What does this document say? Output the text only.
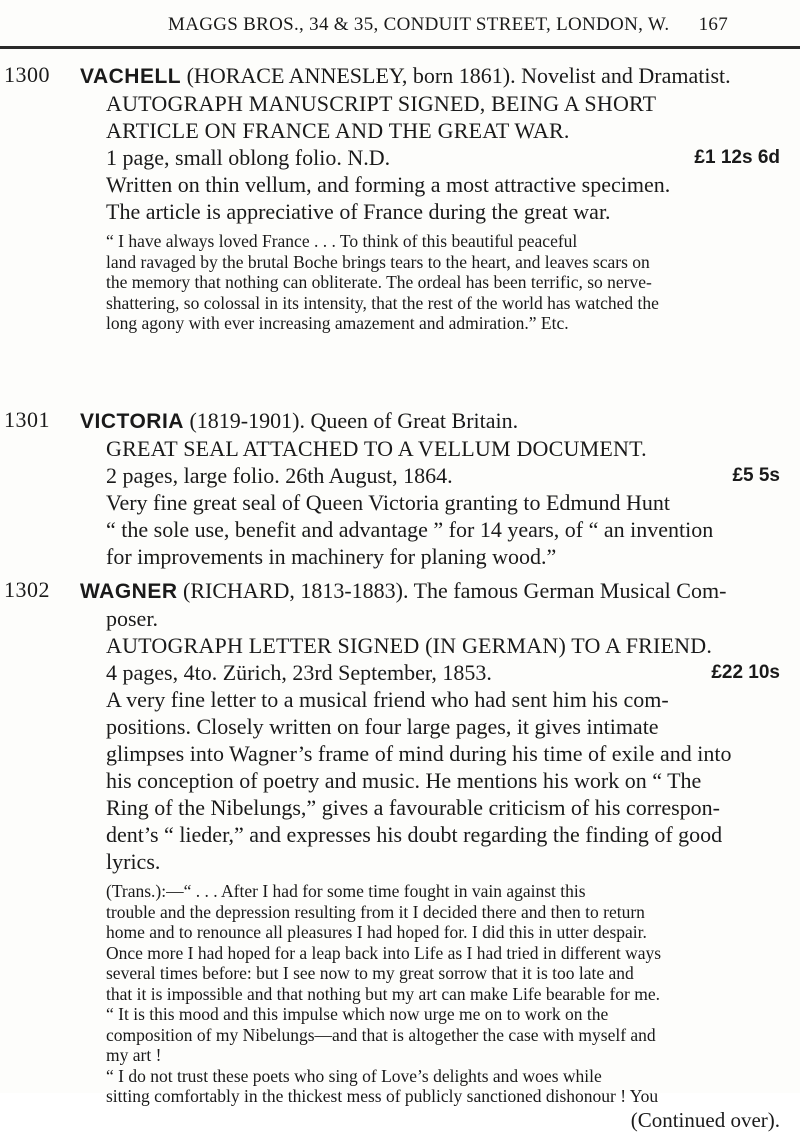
MAGGS BROS., 34 & 35, CONDUIT STREET, LONDON, W. 167
1300 VACHELL (HORACE ANNESLEY, born 1861). Novelist and Dramatist.
AUTOGRAPH MANUSCRIPT SIGNED, BEING A SHORT
ARTICLE ON FRANCE AND THE GREAT WAR.
1 page, small oblong folio. N.D.	£1 12s 6d
Written on thin vellum, and forming a most attractive specimen.
The article is appreciative of France during the great war.
“ I have always loved France . . . To think of this beautiful peaceful
land ravaged by the brutal Boche brings tears to the heart, and leaves scars on
the memory that nothing can obliterate. The ordeal has been terrific, so nerve-
shattering, so colossal in its intensity, that the rest of the world has watched the
long agony with ever increasing amazement and admiration.” Etc.
1301 VICTORIA (1819-1901). Queen of Great Britain.
GREAT SEAL ATTACHED TO A VELLUM DOCUMENT.
2 pages, large folio. 26th August, 1864.	£5 5s
Very fine great seal of Queen Victoria granting to Edmund Hunt
“ the sole use, benefit and advantage ” for 14 years, of “ an invention
for improvements in machinery for planing wood.”
1302 WAGNER (RICHARD, 1813-1883). The famous German Musical Com-
poser.
AUTOGRAPH LETTER SIGNED (IN GERMAN) TO A FRIEND.
4 pages, 4to. Zürich, 23rd September, 1853.	£22 10s
A very fine letter to a musical friend who had sent him his com-
positions. Closely written on four large pages, it gives intimate
glimpses into Wagner’s frame of mind during his time of exile and into
his conception of poetry and music. He mentions his work on “ The
Ring of the Nibelungs,” gives a favourable criticism of his correspon-
dent’s “ lieder,” and expresses his doubt regarding the finding of good
lyrics.
(Trans.):—“ . . . After I had for some time fought in vain against this
trouble and the depression resulting from it I decided there and then to return
home and to renounce all pleasures I had hoped for. I did this in utter despair.
Once more I had hoped for a leap back into Life as I had tried in different ways
several times before: but I see now to my great sorrow that it is too late and
that it is impossible and that nothing but my art can make Life bearable for me.
“ It is this mood and this impulse which now urge me on to work on the
composition of my Nibelungs—and that is altogether the case with myself and
my art !
“ I do not trust these poets who sing of Love’s delights and woes while
sitting comfortably in the thickest mess of publicly sanctioned dishonour ! You
(Continued over).
